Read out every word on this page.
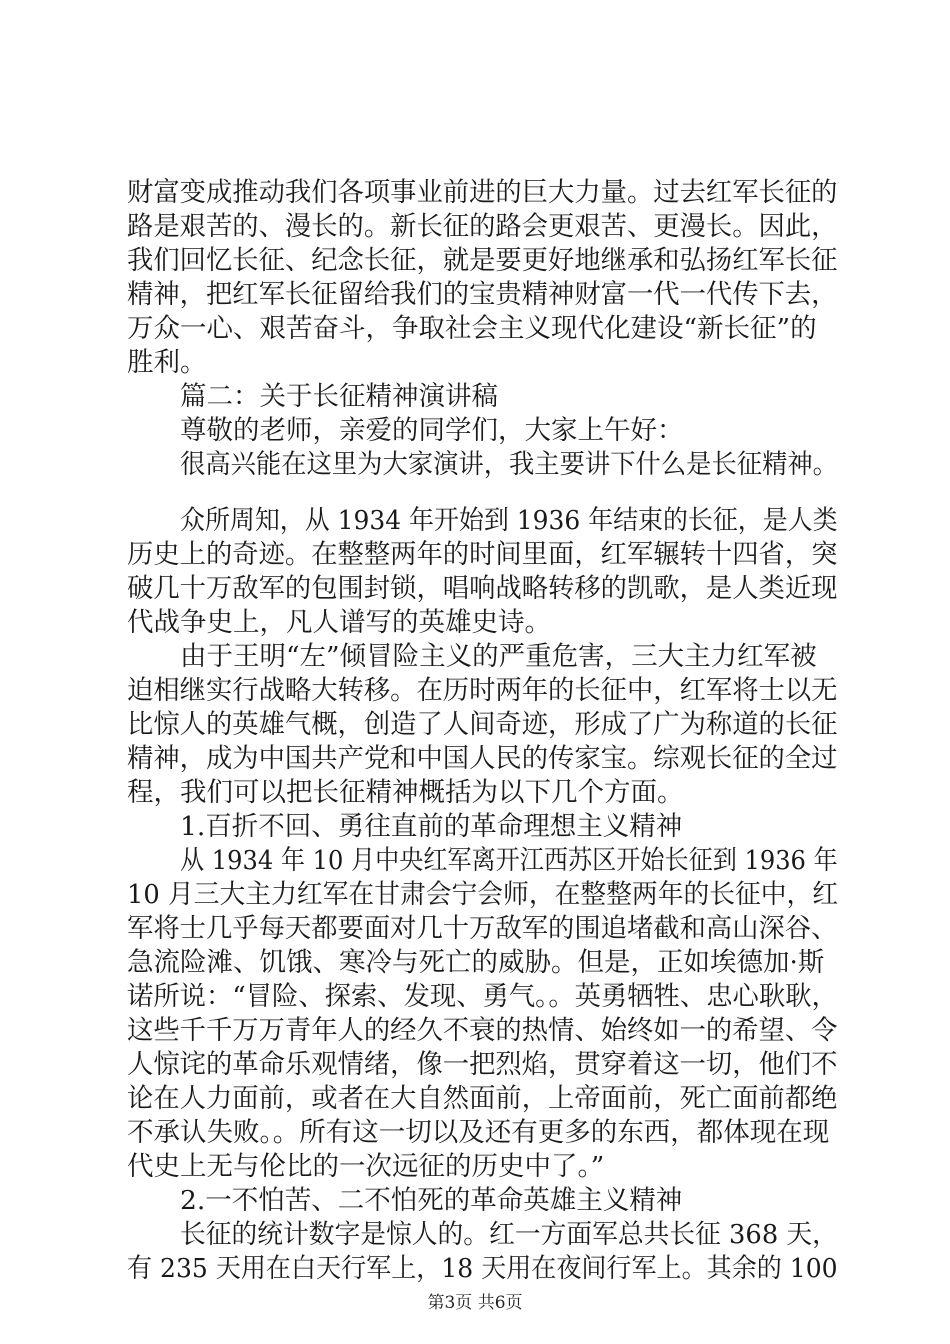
财富变成推动我们各项事业前进的巨大力量。过去红军长征的
路是艰苦的、漫长的。新长征的路会更艰苦、更漫长。因此，
我们回忆长征、纪念长征，就是要更好地继承和弘扬红军长征
精神，把红军长征留给我们的宝贵精神财富一代一代传下去，
万众一心、艰苦奋斗，争取社会主义现代化建设“新长征”的
胜利。
篇二：关于长征精神演讲稿
尊敬的老师，亲爱的同学们，大家上午好：
很高兴能在这里为大家演讲，我主要讲下什么是长征精神。
众所周知，从 1934 年开始到 1936 年结束的长征，是人类
历史上的奇迹。在整整两年的时间里面，红军辗转十四省，突
破几十万敌军的包围封锁，唱响战略转移的凯歌，是人类近现
代战争史上，凡人谱写的英雄史诗。
由于王明“左”倾冒险主义的严重危害，三大主力红军被
迫相继实行战略大转移。在历时两年的长征中，红军将士以无
比惊人的英雄气概，创造了人间奇迹，形成了广为称道的长征
精神，成为中国共产党和中国人民的传家宝。综观长征的全过
程，我们可以把长征精神概括为以下几个方面。
1.百折不回、勇往直前的革命理想主义精神
从 1934 年 10 月中央红军离开江西苏区开始长征到 1936 年
10 月三大主力红军在甘肃会宁会师，在整整两年的长征中，红
军将士几乎每天都要面对几十万敌军的围追堵截和高山深谷、
急流险滩、饥饿、寒冷与死亡的威胁。但是，正如埃德加·斯
诺所说：“冒险、探索、发现、勇气。。英勇牺牲、忠心耿耿，
这些千千万万青年人的经久不衰的热情、始终如一的希望、令
人惊诧的革命乐观情绪，像一把烈焰，贯穿着这一切，他们不
论在人力面前，或者在大自然面前，上帝面前，死亡面前都绝
不承认失败。。所有这一切以及还有更多的东西，都体现在现
代史上无与伦比的一次远征的历史中了。”
2.一不怕苦、二不怕死的革命英雄主义精神
长征的统计数字是惊人的。红一方面军总共长征 368 天，
有 235 天用在白天行军上，18 天用在夜间行军上。其余的 100
第3页 共6页
